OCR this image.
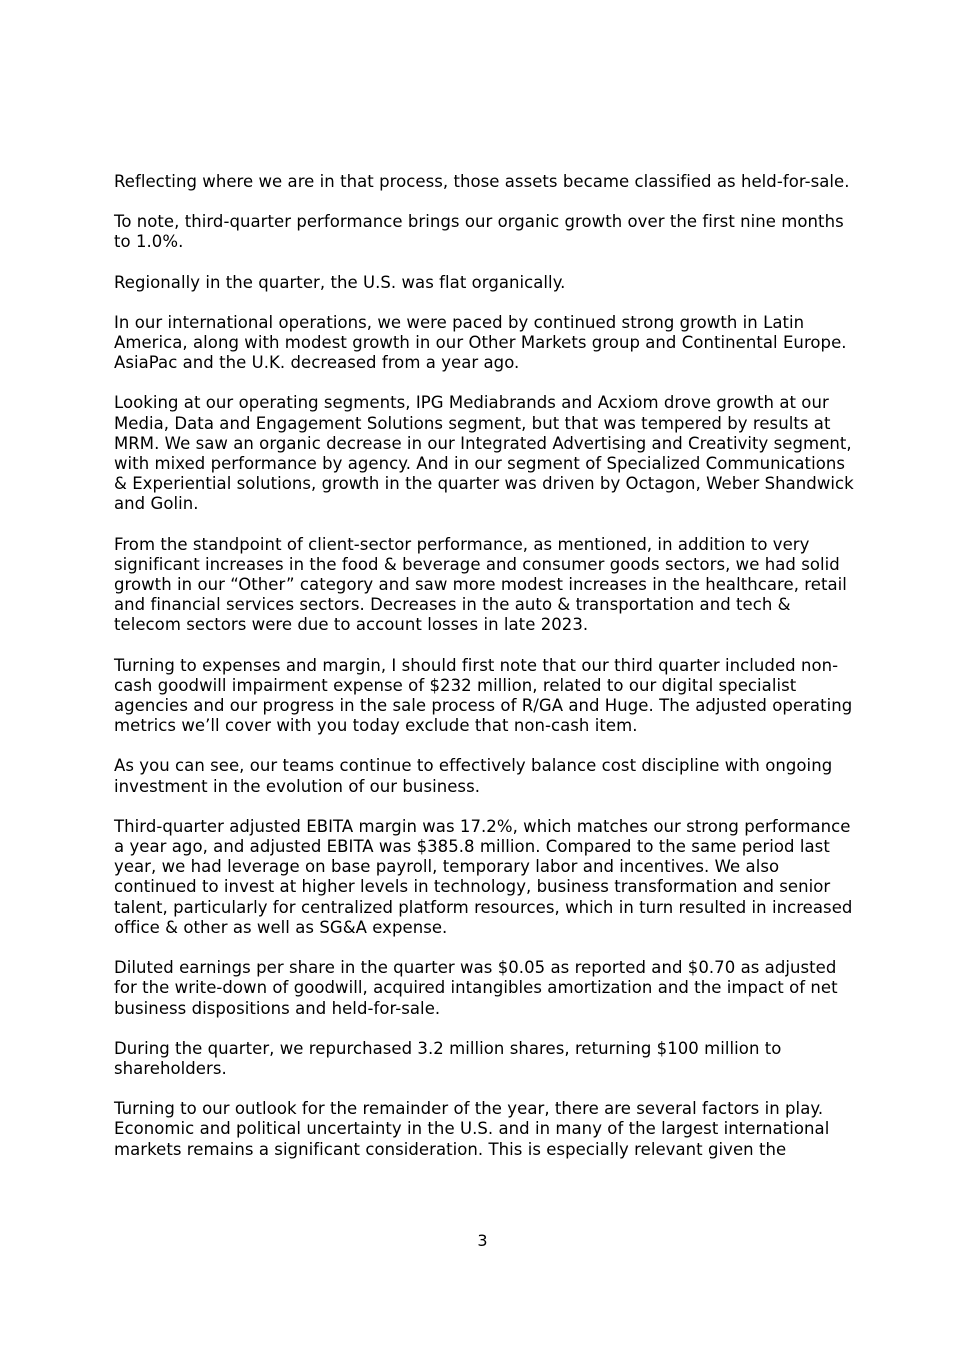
Reflecting where we are in that process, those assets became classified as held-for-sale.

To note, third-quarter performance brings our organic growth over the first nine months to 1.0%.

Regionally in the quarter, the U.S. was flat organically.

In our international operations, we were paced by continued strong growth in Latin America, along with modest growth in our Other Markets group and Continental Europe. AsiaPac and the U.K. decreased from a year ago.

Looking at our operating segments, IPG Mediabrands and Acxiom drove growth at our Media, Data and Engagement Solutions segment, but that was tempered by results at MRM. We saw an organic decrease in our Integrated Advertising and Creativity segment, with mixed performance by agency. And in our segment of Specialized Communications & Experiential solutions, growth in the quarter was driven by Octagon, Weber Shandwick and Golin.

From the standpoint of client-sector performance, as mentioned, in addition to very significant increases in the food & beverage and consumer goods sectors, we had solid growth in our “Other” category and saw more modest increases in the healthcare, retail and financial services sectors. Decreases in the auto & transportation and tech & telecom sectors were due to account losses in late 2023.

Turning to expenses and margin, I should first note that our third quarter included non-cash goodwill impairment expense of $232 million, related to our digital specialist agencies and our progress in the sale process of R/GA and Huge. The adjusted operating metrics we’ll cover with you today exclude that non-cash item.

As you can see, our teams continue to effectively balance cost discipline with ongoing investment in the evolution of our business.

Third-quarter adjusted EBITA margin was 17.2%, which matches our strong performance a year ago, and adjusted EBITA was $385.8 million. Compared to the same period last year, we had leverage on base payroll, temporary labor and incentives. We also continued to invest at higher levels in technology, business transformation and senior talent, particularly for centralized platform resources, which in turn resulted in increased office & other as well as SG&A expense.

Diluted earnings per share in the quarter was $0.05 as reported and $0.70 as adjusted for the write-down of goodwill, acquired intangibles amortization and the impact of net business dispositions and held-for-sale.

During the quarter, we repurchased 3.2 million shares, returning $100 million to shareholders.

Turning to our outlook for the remainder of the year, there are several factors in play. Economic and political uncertainty in the U.S. and in many of the largest international markets remains a significant consideration. This is especially relevant given the

3
